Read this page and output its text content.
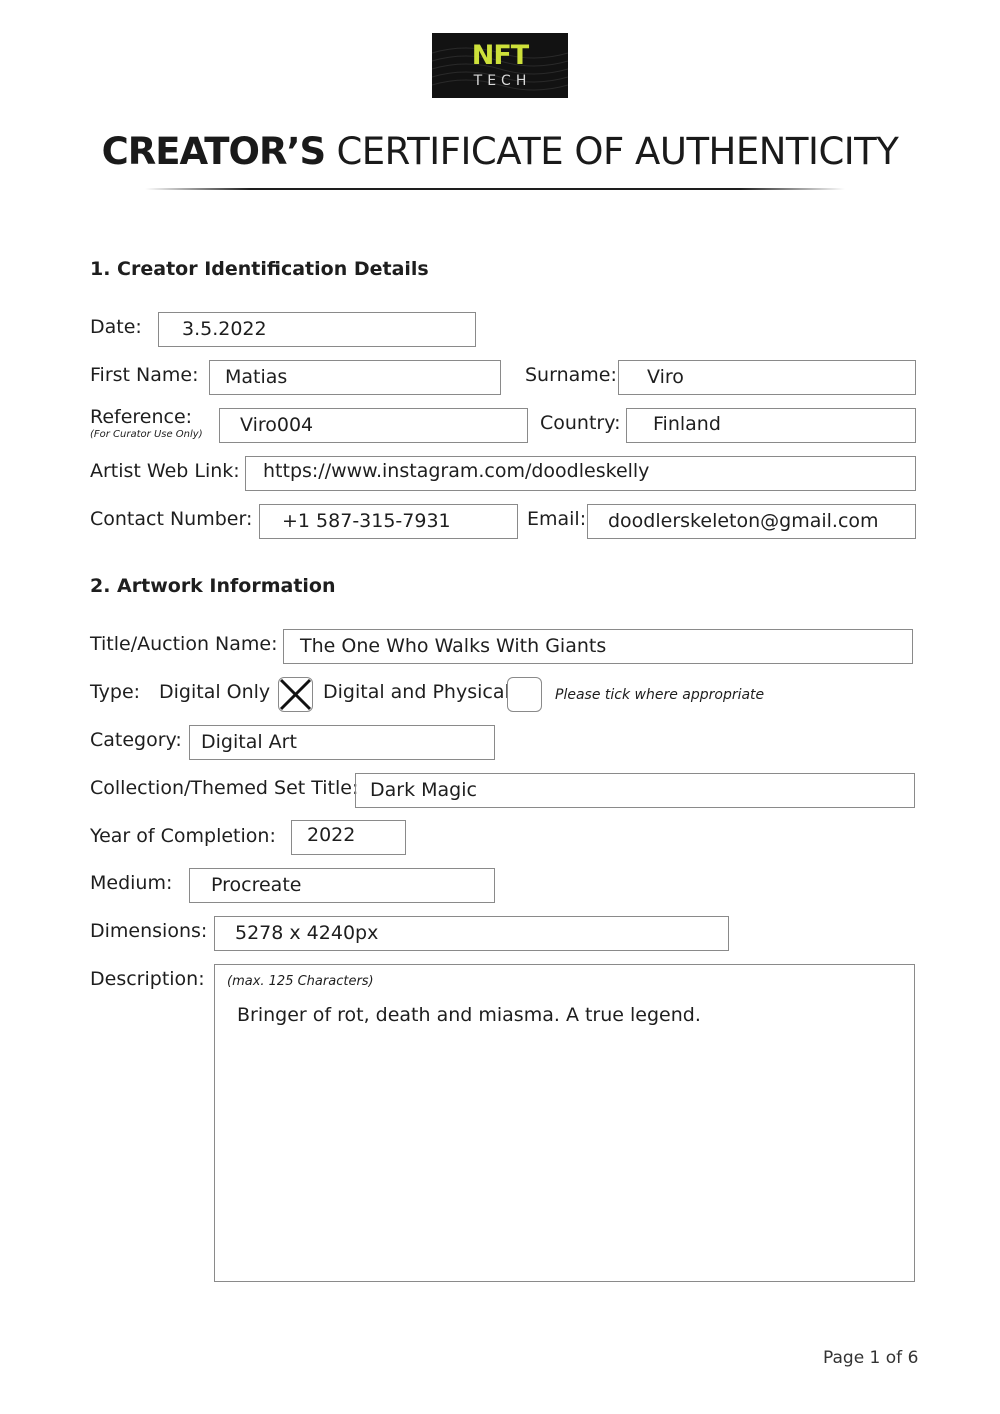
NFT
TECH
CREATOR’S CERTIFICATE OF AUTHENTICITY
1. Creator Identification Details
Date:	3.5.2022
First Name:	Matias	Surname:	Viro
Reference:
(For Curator Use Only)	Viro004	Country:	Finland
Artist Web Link:	https://www.instagram.com/doodleskelly
Contact Number:	+1 587-315-7931	Email:	doodlerskeleton@gmail.com
2. Artwork Information
Title/Auction Name:	The One Who Walks With Giants
Type: Digital Only	Digital and Physical	Please tick where appropriate
Category:	Digital Art
Collection/Themed Set Title: Dark Magic
Year of Completion:	2022
Medium:	Procreate
Dimensions:	5278 x 4240px
Description: (max. 125 Characters)
Bringer of rot, death and miasma. A true legend.
Page 1 of 6
